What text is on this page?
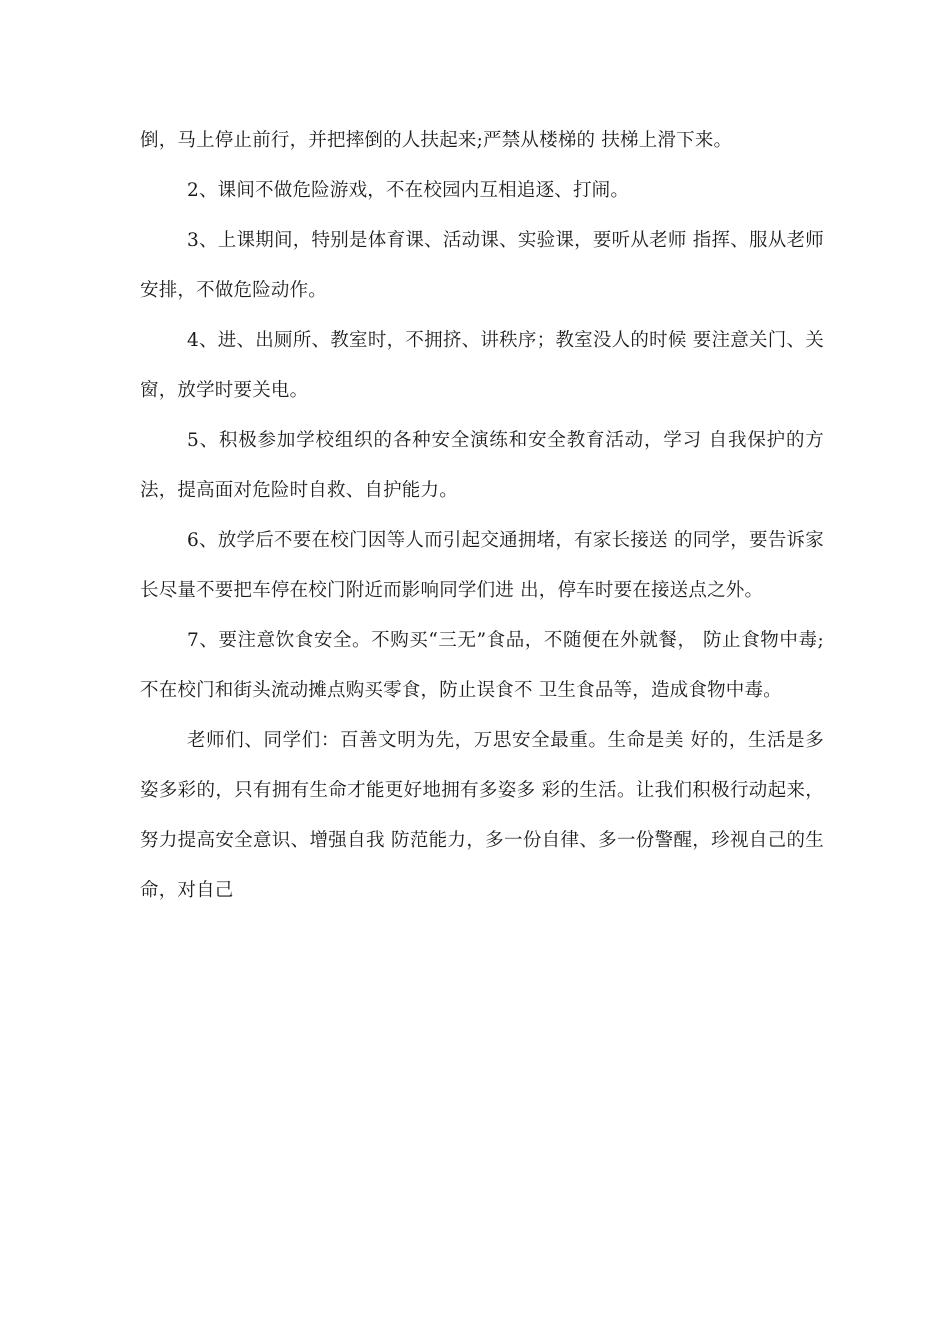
倒，马上停止前行，并把摔倒的人扶起来;严禁从楼梯的 扶梯上滑下来。

2、课间不做危险游戏，不在校园内互相追逐、打闹。

3、上课期间，特别是体育课、活动课、实验课，要听从老师 指挥、服从老师安排，不做危险动作。

4、进、出厕所、教室时，不拥挤、讲秩序；教室没人的时候 要注意关门、关窗，放学时要关电。

5、积极参加学校组织的各种安全演练和安全教育活动，学习 自我保护的方法，提高面对危险时自救、自护能力。

6、放学后不要在校门因等人而引起交通拥堵，有家长接送 的同学，要告诉家长尽量不要把车停在校门附近而影响同学们进 出，停车时要在接送点之外。

7、要注意饮食安全。不购买“三无”食品，不随便在外就餐， 防止食物中毒;不在校门和街头流动摊点购买零食，防止误食不 卫生食品等，造成食物中毒。

老师们、同学们：百善文明为先，万思安全最重。生命是美 好的，生活是多姿多彩的，只有拥有生命才能更好地拥有多姿多 彩的生活。让我们积极行动起来，努力提高安全意识、增强自我 防范能力，多一份自律、多一份警醒，珍视自己的生命，对自己
